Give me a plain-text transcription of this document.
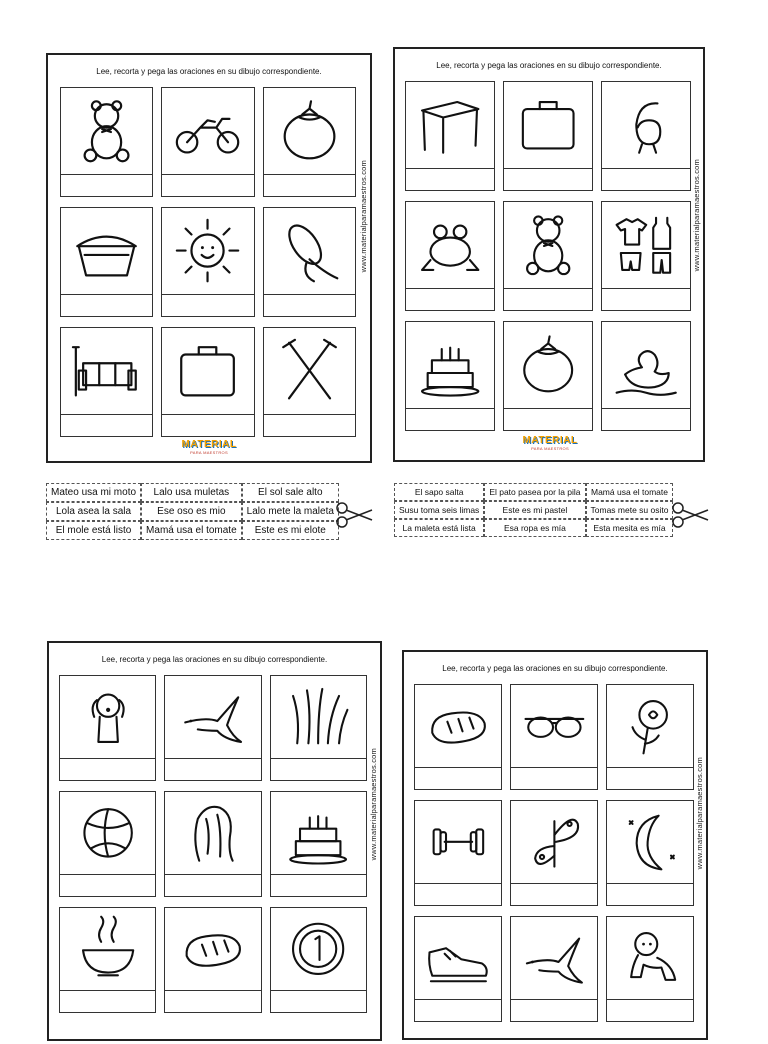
Lee, recorta y pega las oraciones en su dibujo correspondiente.
www.materialparamaestros.com
MATERIAL
PARA MAESTROS
Lee, recorta y pega las oraciones en su dibujo correspondiente.
www.materialparamaestros.com
MATERIAL
PARA MAESTROS
Mateo usa mi moto	Lalo usa muletas	El sol sale alto
Lola asea la sala	Ese oso es mio	Lalo mete la maleta
El mole está listo	Mamá usa el tomate	Este es mi elote
El sapo salta	El pato pasea por la pila	Mamá usa el tomate
Susu toma seis limas	Este es mi pastel	Tomas mete su osito
La maleta está lista	Esa ropa es mía	Esta mesita es mía
Lee, recorta y pega las oraciones en su dibujo correspondiente.
www.materialparamaestros.com
Lee, recorta y pega las oraciones en su dibujo correspondiente.
www.materialparamaestros.com
